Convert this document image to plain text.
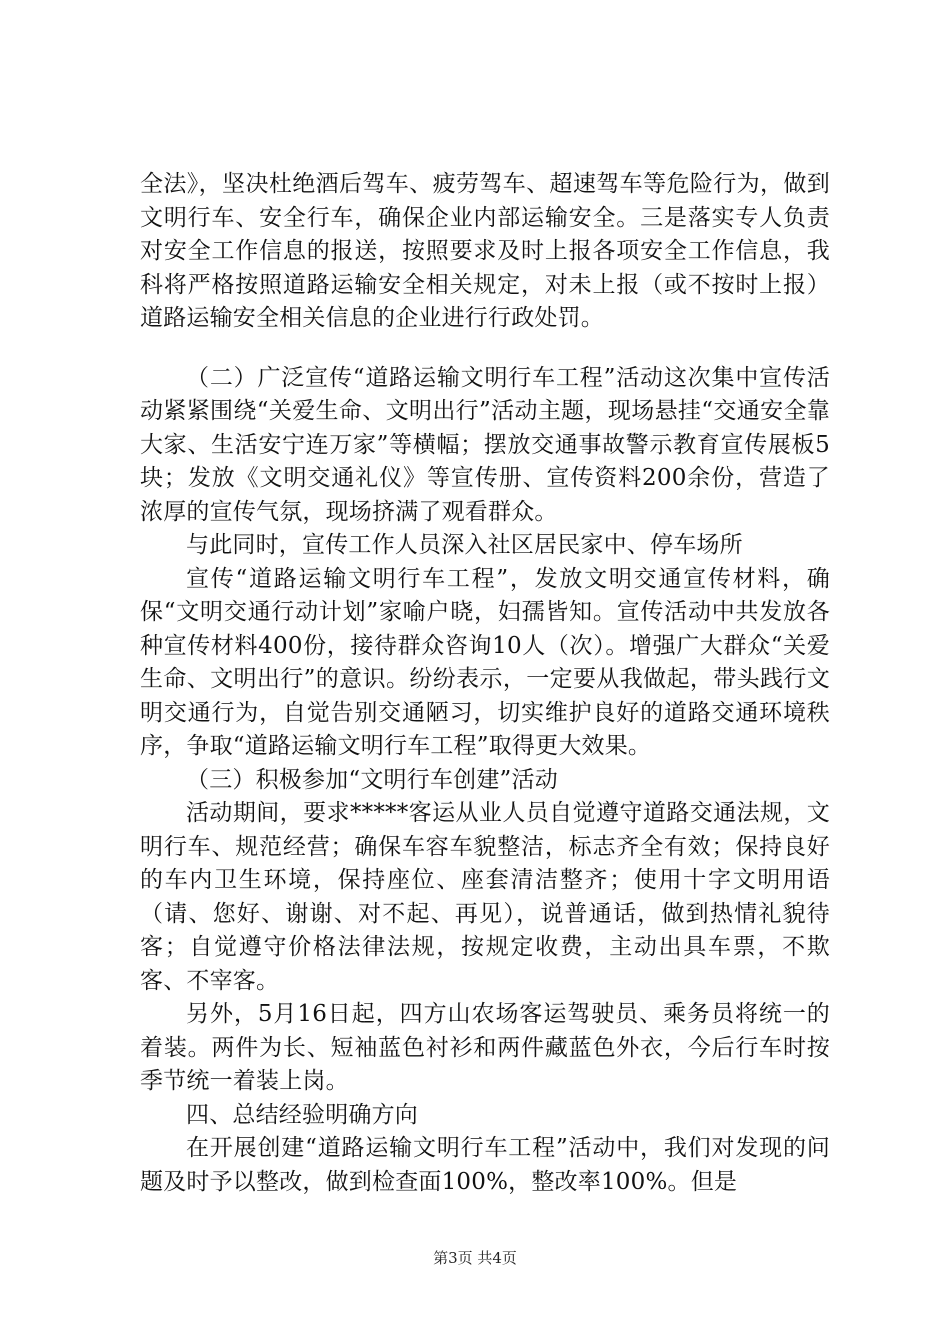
全法》，坚决杜绝酒后驾车、疲劳驾车、超速驾车等危险行为，做到文明行车、安全行车，确保企业内部运输安全。三是落实专人负责对安全工作信息的报送，按照要求及时上报各项安全工作信息，我科将严格按照道路运输安全相关规定，对未上报（或不按时上报）道路运输安全相关信息的企业进行行政处罚。

（二）广泛宣传“道路运输文明行车工程”活动这次集中宣传活动紧紧围绕“关爱生命、文明出行”活动主题，现场悬挂“交通安全靠大家、生活安宁连万家”等横幅；摆放交通事故警示教育宣传展板5块；发放《文明交通礼仪》等宣传册、宣传资料200余份，营造了浓厚的宣传气氛，现场挤满了观看群众。

与此同时，宣传工作人员深入社区居民家中、停车场所

宣传“道路运输文明行车工程”，发放文明交通宣传材料，确保“文明交通行动计划”家喻户晓，妇孺皆知。宣传活动中共发放各种宣传材料400份，接待群众咨询10人（次）。增强广大群众“关爱生命、文明出行”的意识。纷纷表示，一定要从我做起，带头践行文明交通行为，自觉告别交通陋习，切实维护良好的道路交通环境秩序，争取“道路运输文明行车工程”取得更大效果。

（三）积极参加“文明行车创建”活动

活动期间，要求*****客运从业人员自觉遵守道路交通法规，文明行车、规范经营；确保车容车貌整洁，标志齐全有效；保持良好的车内卫生环境，保持座位、座套清洁整齐；使用十字文明用语（请、您好、谢谢、对不起、再见），说普通话，做到热情礼貌待客；自觉遵守价格法律法规，按规定收费，主动出具车票，不欺客、不宰客。

另外，5月16日起，四方山农场客运驾驶员、乘务员将统一的着装。两件为长、短袖蓝色衬衫和两件藏蓝色外衣，今后行车时按季节统一着装上岗。

四、总结经验明确方向

在开展创建“道路运输文明行车工程”活动中，我们对发现的问题及时予以整改，做到检查面100%，整改率100%。但是

第3页 共4页
